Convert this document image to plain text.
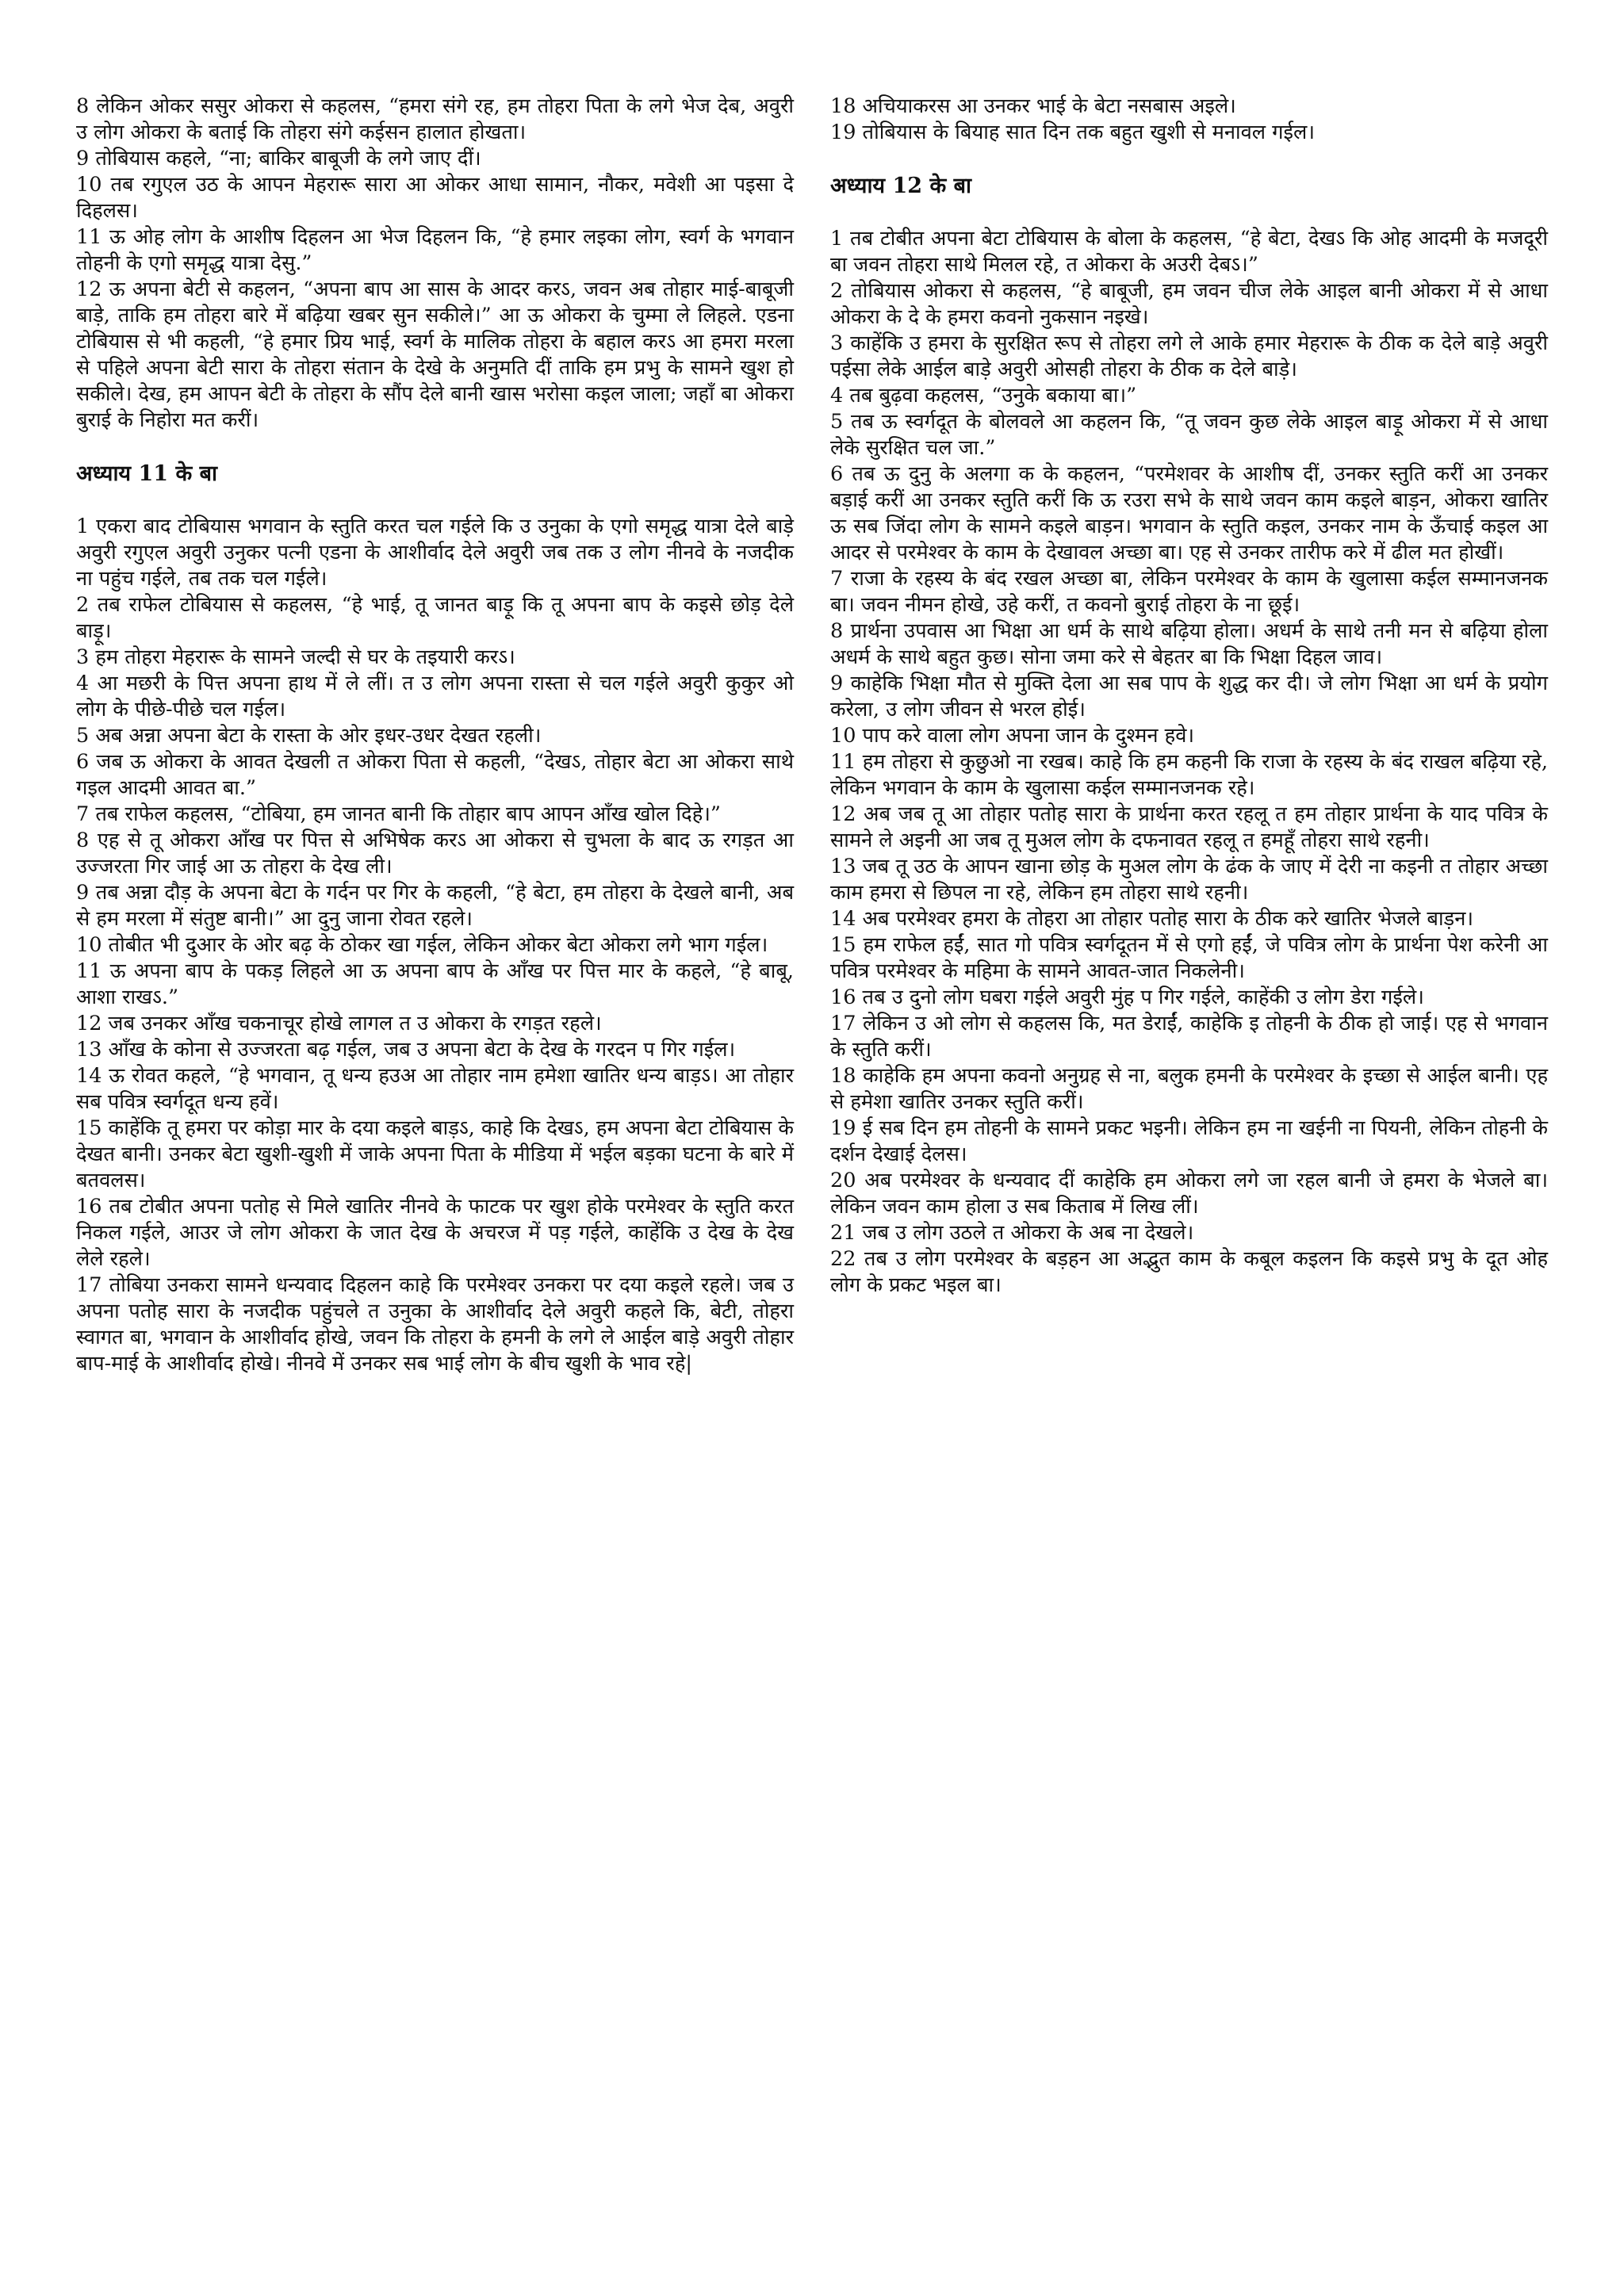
8 लेकिन ओकर ससुर ओकरा से कहलस, “हमरा संगे रह, हम तोहरा पिता के लगे भेज देब, अवुरी उ लोग ओकरा के बताई कि तोहरा संगे कईसन हालात होखता।

9 तोबियास कहले, “ना; बाकिर बाबूजी के लगे जाए दीं।

10 तब रगुएल उठ के आपन मेहरारू सारा आ ओकर आधा सामान, नौकर, मवेशी आ पइसा दे दिहलस।

11 ऊ ओह लोग के आशीष दिहलन आ भेज दिहलन कि, “हे हमार लइका लोग, स्वर्ग के भगवान तोहनी के एगो समृद्ध यात्रा देसु.”

12 ऊ अपना बेटी से कहलन, “अपना बाप आ सास के आदर करऽ, जवन अब तोहार माई-बाबूजी बाड़े, ताकि हम तोहरा बारे में बढ़िया खबर सुन सकीले।” आ ऊ ओकरा के चुम्मा ले लिहले. एडना टोबियास से भी कहली, “हे हमार प्रिय भाई, स्वर्ग के मालिक तोहरा के बहाल करऽ आ हमरा मरला से पहिले अपना बेटी सारा के तोहरा संतान के देखे के अनुमति दीं ताकि हम प्रभु के सामने खुश हो सकीले। देख, हम आपन बेटी के तोहरा के सौंप देले बानी खास भरोसा कइल जाला; जहाँ बा ओकरा बुराई के निहोरा मत करीं।

अध्याय 11 के बा

1 एकरा बाद टोबियास भगवान के स्तुति करत चल गईले कि उ उनुका के एगो समृद्ध यात्रा देले बाड़े अवुरी रगुएल अवुरी उनुकर पत्नी एडना के आशीर्वाद देले अवुरी जब तक उ लोग नीनवे के नजदीक ना पहुंच गईले, तब तक चल गईले।

2 तब राफेल टोबियास से कहलस, “हे भाई, तू जानत बाड़ू कि तू अपना बाप के कइसे छोड़ देले बाड़ू।

3 हम तोहरा मेहरारू के सामने जल्दी से घर के तइयारी करऽ।

4 आ मछरी के पित्त अपना हाथ में ले लीं। त उ लोग अपना रास्ता से चल गईले अवुरी कुकुर ओ लोग के पीछे-पीछे चल गईल।

5 अब अन्ना अपना बेटा के रास्ता के ओर इधर-उधर देखत रहली।

6 जब ऊ ओकरा के आवत देखली त ओकरा पिता से कहली, “देखऽ, तोहार बेटा आ ओकरा साथे गइल आदमी आवत बा.”

7 तब राफेल कहलस, “टोबिया, हम जानत बानी कि तोहार बाप आपन आँख खोल दिहे।”

8 एह से तू ओकरा आँख पर पित्त से अभिषेक करऽ आ ओकरा से चुभला के बाद ऊ रगड़त आ उज्जरता गिर जाई आ ऊ तोहरा के देख ली।

9 तब अन्ना दौड़ के अपना बेटा के गर्दन पर गिर के कहली, “हे बेटा, हम तोहरा के देखले बानी, अब से हम मरला में संतुष्ट बानी।” आ दुनु जाना रोवत रहले।

10 तोबीत भी दुआर के ओर बढ़ के ठोकर खा गईल, लेकिन ओकर बेटा ओकरा लगे भाग गईल।

11 ऊ अपना बाप के पकड़ लिहले आ ऊ अपना बाप के आँख पर पित्त मार के कहले, “हे बाबू, आशा राखऽ.”

12 जब उनकर आँख चकनाचूर होखे लागल त उ ओकरा के रगड़त रहले।

13 आँख के कोना से उज्जरता बढ़ गईल, जब उ अपना बेटा के देख के गरदन प गिर गईल।

14 ऊ रोवत कहले, “हे भगवान, तू धन्य हउअ आ तोहार नाम हमेशा खातिर धन्य बाड़ऽ। आ तोहार सब पवित्र स्वर्गदूत धन्य हवें।

15 काहेंकि तू हमरा पर कोड़ा मार के दया कइले बाड़ऽ, काहे कि देखऽ, हम अपना बेटा टोबियास के देखत बानी। उनकर बेटा खुशी-खुशी में जाके अपना पिता के मीडिया में भईल बड़का घटना के बारे में बतवलस।

16 तब टोबीत अपना पतोह से मिले खातिर नीनवे के फाटक पर खुश होके परमेश्वर के स्तुति करत निकल गईले, आउर जे लोग ओकरा के जात देख के अचरज में पड़ गईले, काहेंकि उ देख के देख लेले रहले।

17 तोबिया उनकरा सामने धन्यवाद दिहलन काहे कि परमेश्वर उनकरा पर दया कइले रहले। जब उ अपना पतोह सारा के नजदीक पहुंचले त उनुका के आशीर्वाद देले अवुरी कहले कि, बेटी, तोहरा स्वागत बा, भगवान के आशीर्वाद होखे, जवन कि तोहरा के हमनी के लगे ले आईल बाड़े अवुरी तोहार बाप-माई के आशीर्वाद होखे। नीनवे में उनकर सब भाई लोग के बीच खुशी के भाव रहे|

18 अचियाकरस आ उनकर भाई के बेटा नसबास अइले।

19 तोबियास के बियाह सात दिन तक बहुत खुशी से मनावल गईल।

अध्याय 12 के बा

1 तब टोबीत अपना बेटा टोबियास के बोला के कहलस, “हे बेटा, देखऽ कि ओह आदमी के मजदूरी बा जवन तोहरा साथे मिलल रहे, त ओकरा के अउरी देबऽ।”

2 तोबियास ओकरा से कहलस, “हे बाबूजी, हम जवन चीज लेके आइल बानी ओकरा में से आधा ओकरा के दे के हमरा कवनो नुकसान नइखे।

3 काहेंकि उ हमरा के सुरक्षित रूप से तोहरा लगे ले आके हमार मेहरारू के ठीक क देले बाड़े अवुरी पईसा लेके आईल बाड़े अवुरी ओसही तोहरा के ठीक क देले बाड़े।

4 तब बुढ़वा कहलस, “उनुके बकाया बा।”

5 तब ऊ स्वर्गदूत के बोलवले आ कहलन कि, “तू जवन कुछ लेके आइल बाड़ू ओकरा में से आधा लेके सुरक्षित चल जा.”

6 तब ऊ दुनु के अलगा क के कहलन, “परमेशवर के आशीष दीं, उनकर स्तुति करीं आ उनकर बड़ाई करीं आ उनकर स्तुति करीं कि ऊ रउरा सभे के साथे जवन काम कइले बाड़न, ओकरा खातिर ऊ सब जिंदा लोग के सामने कइले बाड़न। भगवान के स्तुति कइल, उनकर नाम के ऊँचाई कइल आ आदर से परमेश्वर के काम के देखावल अच्छा बा। एह से उनकर तारीफ करे में ढील मत होखीं।

7 राजा के रहस्य के बंद रखल अच्छा बा, लेकिन परमेश्वर के काम के खुलासा कईल सम्मानजनक बा। जवन नीमन होखे, उहे करीं, त कवनो बुराई तोहरा के ना छूई।

8 प्रार्थना उपवास आ भिक्षा आ धर्म के साथे बढ़िया होला। अधर्म के साथे तनी मन से बढ़िया होला अधर्म के साथे बहुत कुछ। सोना जमा करे से बेहतर बा कि भिक्षा दिहल जाव।

9 काहेकि भिक्षा मौत से मुक्ति देला आ सब पाप के शुद्ध कर दी। जे लोग भिक्षा आ धर्म के प्रयोग करेला, उ लोग जीवन से भरल होई।

10 पाप करे वाला लोग अपना जान के दुश्मन हवे।

11 हम तोहरा से कुछुओ ना रखब। काहे कि हम कहनी कि राजा के रहस्य के बंद राखल बढ़िया रहे, लेकिन भगवान के काम के खुलासा कईल सम्मानजनक रहे।

12 अब जब तू आ तोहार पतोह सारा के प्रार्थना करत रहलू त हम तोहार प्रार्थना के याद पवित्र के सामने ले अइनी आ जब तू मुअल लोग के दफनावत रहलू त हमहूँ तोहरा साथे रहनी।

13 जब तू उठ के आपन खाना छोड़ के मुअल लोग के ढंक के जाए में देरी ना कइनी त तोहार अच्छा काम हमरा से छिपल ना रहे, लेकिन हम तोहरा साथे रहनी।

14 अब परमेश्वर हमरा के तोहरा आ तोहार पतोह सारा के ठीक करे खातिर भेजले बाड़न।

15 हम राफेल हईं, सात गो पवित्र स्वर्गदूतन में से एगो हईं, जे पवित्र लोग के प्रार्थना पेश करेनी आ पवित्र परमेश्वर के महिमा के सामने आवत-जात निकलेनी।

16 तब उ दुनो लोग घबरा गईले अवुरी मुंह प गिर गईले, काहेंकी उ लोग डेरा गईले।

17 लेकिन उ ओ लोग से कहलस कि, मत डेराईं, काहेकि इ तोहनी के ठीक हो जाई। एह से भगवान के स्तुति करीं।

18 काहेकि हम अपना कवनो अनुग्रह से ना, बलुक हमनी के परमेश्वर के इच्छा से आईल बानी। एह से हमेशा खातिर उनकर स्तुति करीं।

19 ई सब दिन हम तोहनी के सामने प्रकट भइनी। लेकिन हम ना खईनी ना पियनी, लेकिन तोहनी के दर्शन देखाई देलस।

20 अब परमेश्वर के धन्यवाद दीं काहेकि हम ओकरा लगे जा रहल बानी जे हमरा के भेजले बा। लेकिन जवन काम होला उ सब किताब में लिख लीं।

21 जब उ लोग उठले त ओकरा के अब ना देखले।

22 तब उ लोग परमेश्वर के बड़हन आ अद्भुत काम के कबूल कइलन कि कइसे प्रभु के दूत ओह लोग के प्रकट भइल बा।
